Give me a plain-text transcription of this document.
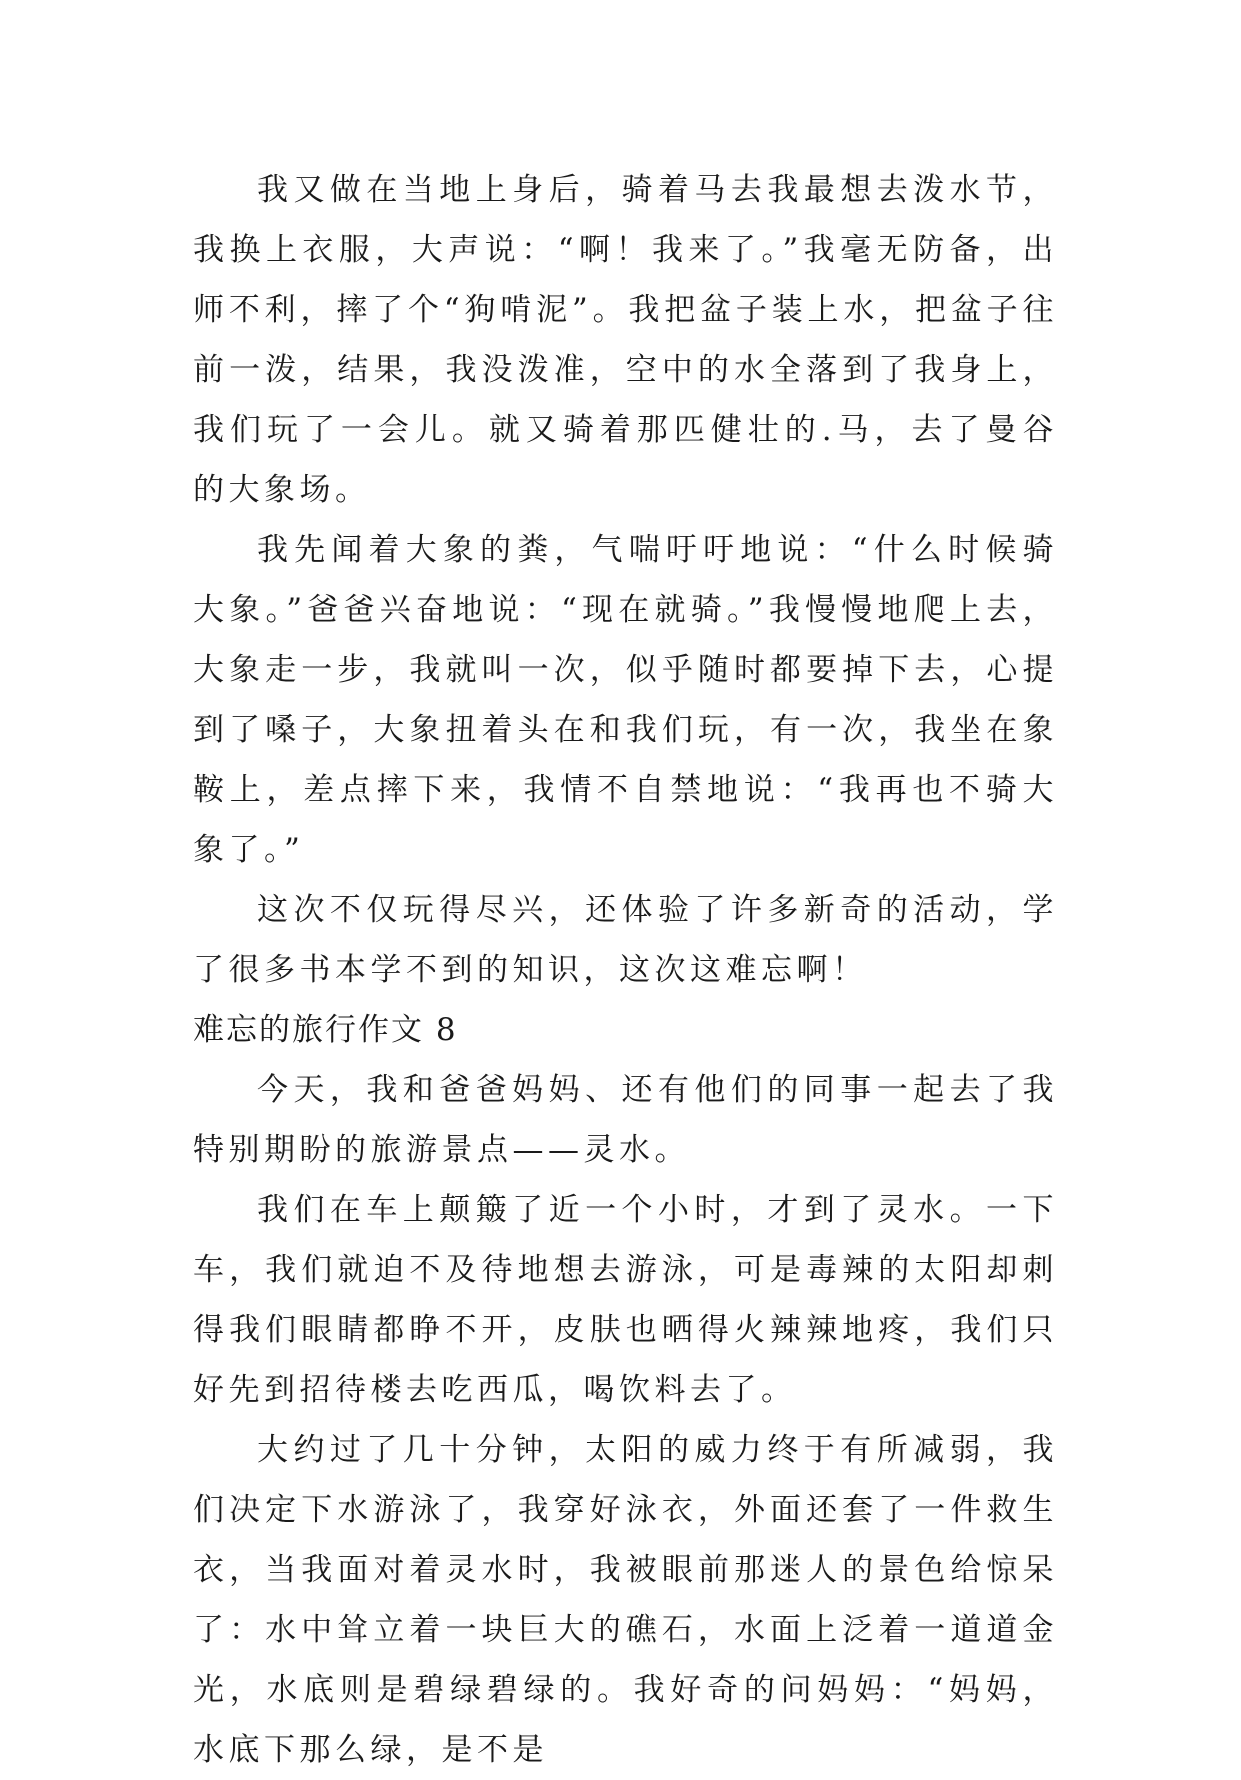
我又做在当地上身后，骑着马去我最想去泼水节，我换上衣服，大声说：“啊！我来了。”我毫无防备，出师不利，摔了个“狗啃泥”。我把盆子装上水，把盆子往前一泼，结果，我没泼准，空中的水全落到了我身上，我们玩了一会儿。就又骑着那匹健壮的.马，去了曼谷的大象场。

我先闻着大象的粪，气喘吁吁地说：“什么时候骑大象。”爸爸兴奋地说：“现在就骑。”我慢慢地爬上去，大象走一步，我就叫一次，似乎随时都要掉下去，心提到了嗓子，大象扭着头在和我们玩，有一次，我坐在象鞍上，差点摔下来，我情不自禁地说：“我再也不骑大象了。”

这次不仅玩得尽兴，还体验了许多新奇的活动，学了很多书本学不到的知识，这次这难忘啊！

难忘的旅行作文 8

今天，我和爸爸妈妈、还有他们的同事一起去了我特别期盼的旅游景点——灵水。

我们在车上颠簸了近一个小时，才到了灵水。一下车，我们就迫不及待地想去游泳，可是毒辣的太阳却刺得我们眼睛都睁不开，皮肤也晒得火辣辣地疼，我们只好先到招待楼去吃西瓜，喝饮料去了。

大约过了几十分钟，太阳的威力终于有所减弱，我们决定下水游泳了，我穿好泳衣，外面还套了一件救生衣，当我面对着灵水时，我被眼前那迷人的景色给惊呆了：水中耸立着一块巨大的礁石，水面上泛着一道道金光，水底则是碧绿碧绿的。我好奇的问妈妈：“妈妈，水底下那么绿，是不是
